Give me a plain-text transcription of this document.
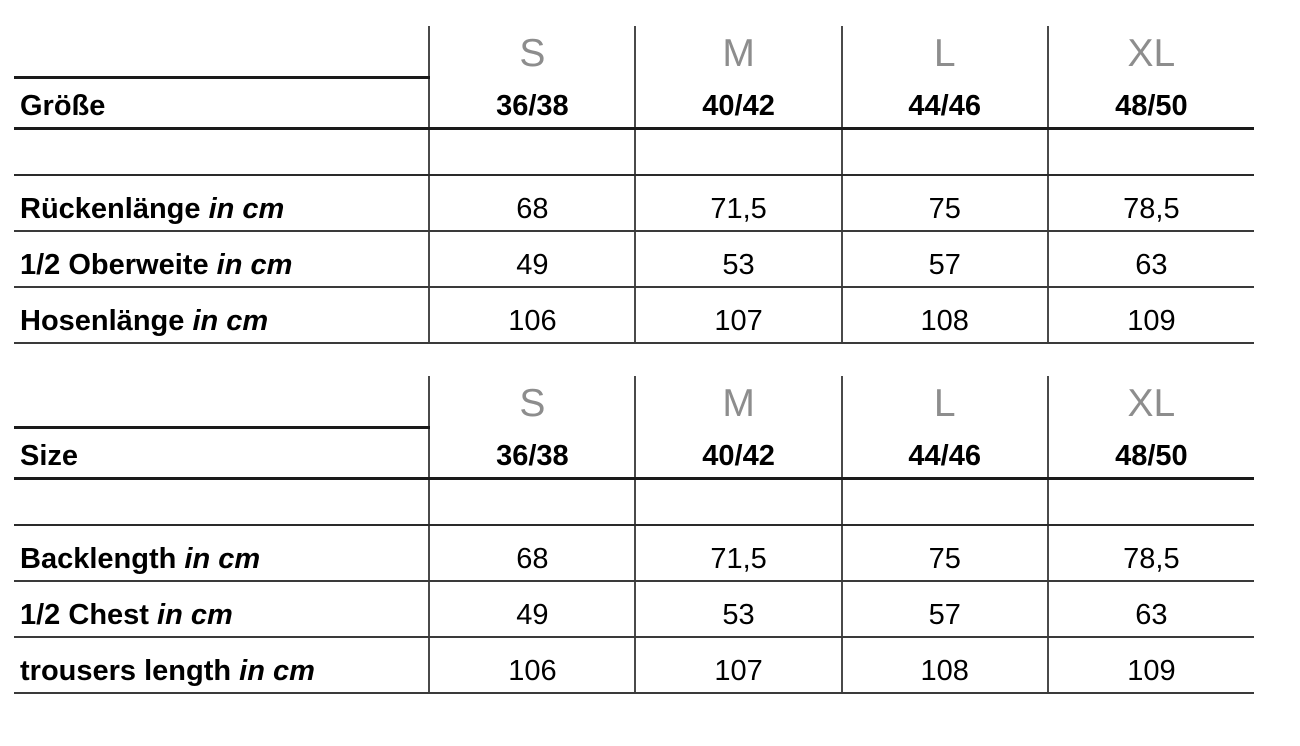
	S	M	L	XL
Größe	36/38	40/42	44/46	48/50

Rückenlänge in cm	68	71,5	75	78,5
1/2 Oberweite in cm	49	53	57	63
Hosenlänge in cm	106	107	108	109
	S	M	L	XL
Size	36/38	40/42	44/46	48/50

Backlength in cm	68	71,5	75	78,5
1/2 Chest in cm	49	53	57	63
trousers length in cm	106	107	108	109
